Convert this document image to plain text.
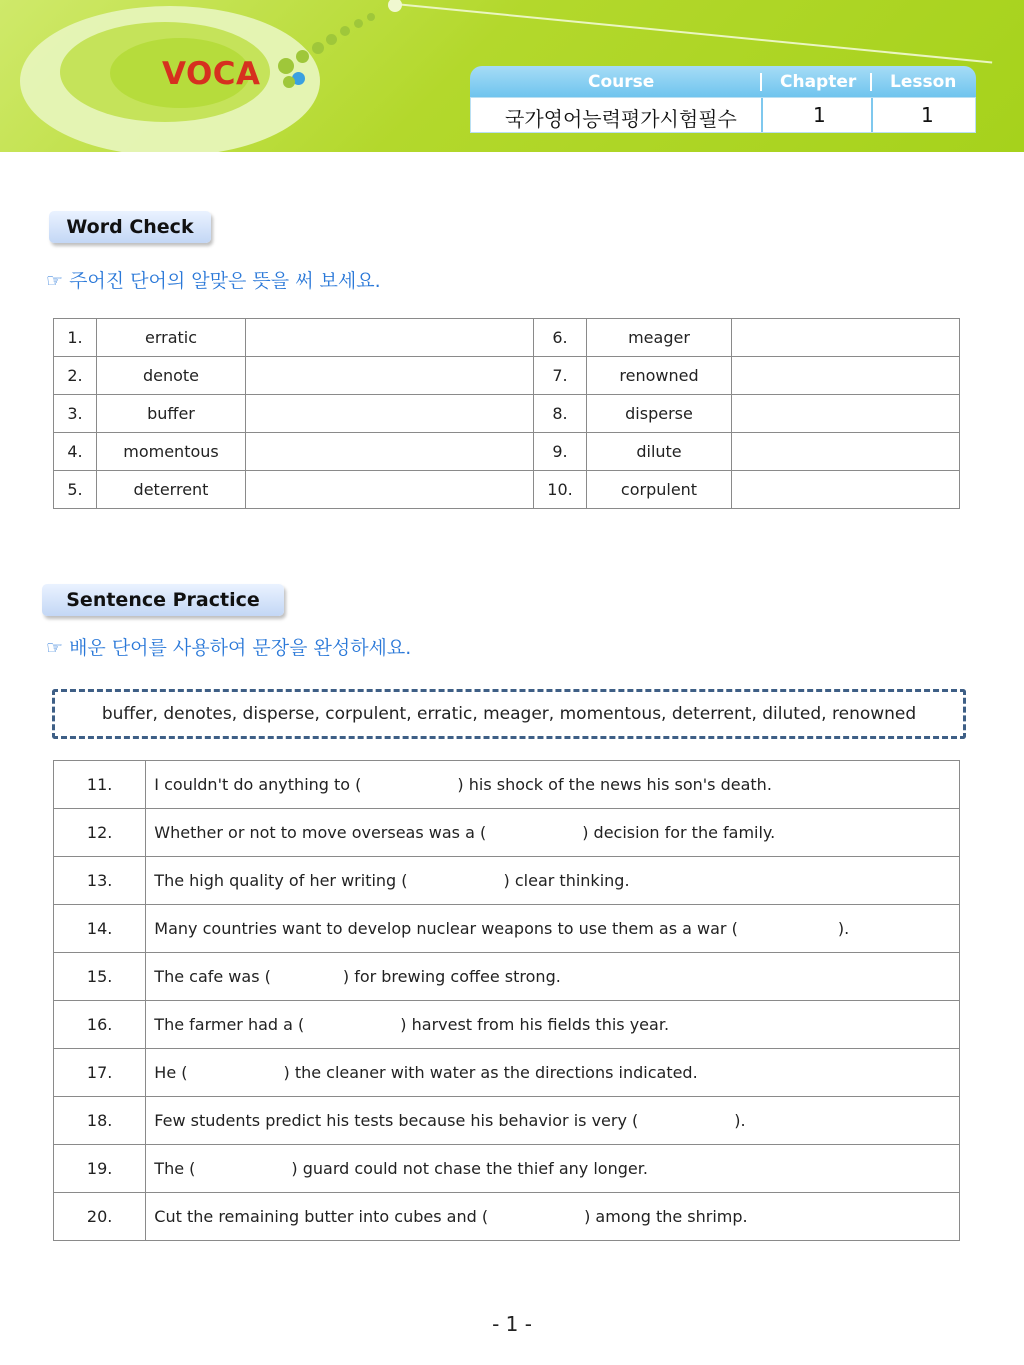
VOCA	Course	Chapter Lesson
국가영어능력평가시험필수	1	1
Word Check
☞ 주어진 단어의 알맞은 뜻을 써 보세요.
1.	erratic		6.	meager	
2.	denote		7.	renowned	
3.	buffer		8.	disperse	
4.	momentous		9.	dilute	
5.	deterrent		10.	corpulent	
Sentence Practice
☞ 배운 단어를 사용하여 문장을 완성하세요.
buffer, denotes, disperse, corpulent, erratic, meager, momentous, deterrent, diluted, renowned
11.	I couldn't do anything to ( ) his shock of the news his son's death.
12.	Whether or not to move overseas was a ( ) decision for the family.
13.	The high quality of her writing ( ) clear thinking.
14.	Many countries want to develop nuclear weapons to use them as a war ( ).
15.	The cafe was ( ) for brewing coffee strong.
16.	The farmer had a ( ) harvest from his fields this year.
17.	He ( ) the cleaner with water as the directions indicated.
18.	Few students predict his tests because his behavior is very ( ).
19.	The ( ) guard could not chase the thief any longer.
20.	Cut the remaining butter into cubes and ( ) among the shrimp.
- 1 -
